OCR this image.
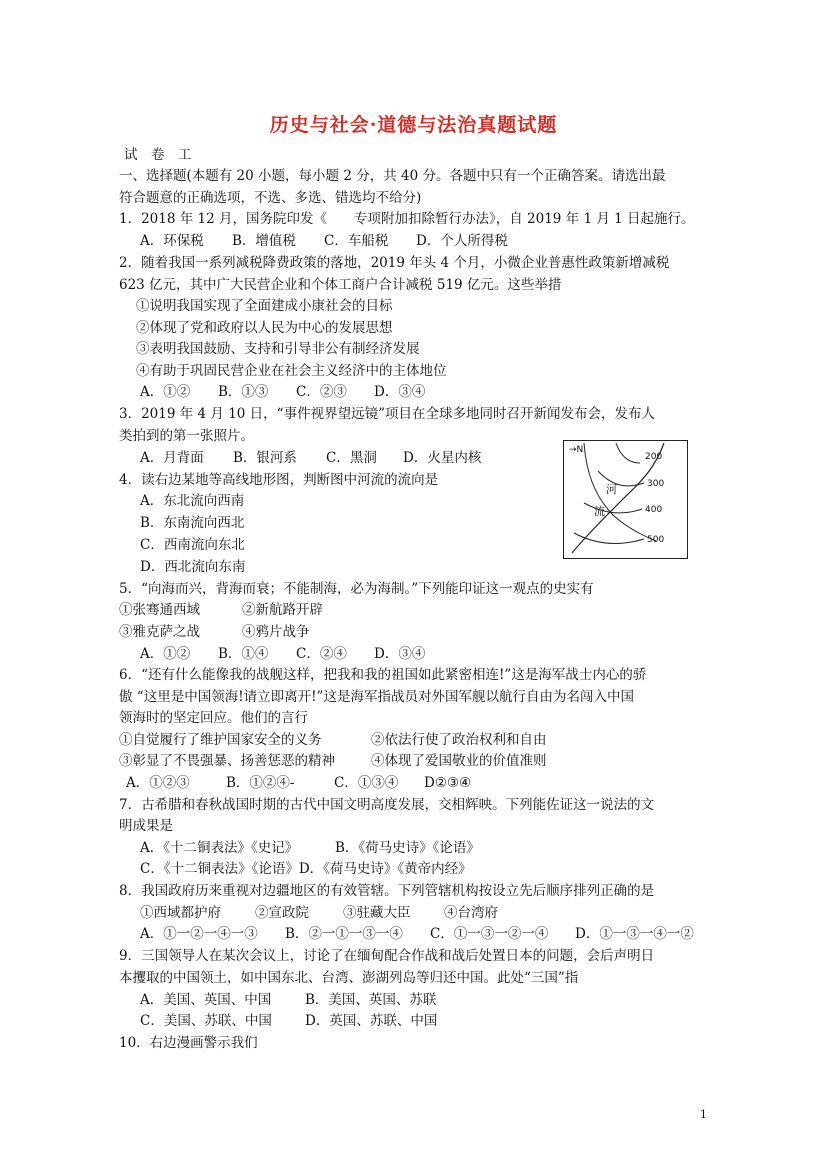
历史与社会·道德与法治真题试题
试　卷　工
一、选择题(本题有 20 小题，每小题 2 分，共 40 分。各题中只有一个正确答案。请选出最
符合题意的正确选项，不选、多选、错选均不给分)
1．2018 年 12 月，国务院印发《　　专项附加扣除暂行办法》，自 2019 年 1 月 1 日起施行。
A．环保税 B．增值税 C．车船税 D．个人所得税
2．随着我国一系列减税降费政策的落地，2019 年头 4 个月，小微企业普惠性政策新增减税
623 亿元，其中广大民营企业和个体工商户合计减税 519 亿元。这些举措
①说明我国实现了全面建成小康社会的目标
②体现了党和政府以人民为中心的发展思想
③表明我国鼓励、支持和引导非公有制经济发展
④有助于巩固民营企业在社会主义经济中的主体地位
A．①② B．①③ C．②③ D．③④
3．2019 年 4 月 10 日，“事件视界望远镜”项目在全球多地同时召开新闻发布会，发布人
类拍到的第一张照片。
A．月背面 B．银河系 C．黑洞 D．火星内核
4．读右边某地等高线地形图，判断图中河流的流向是
A．东北流向西南
B．东南流向西北
C．西南流向东北
D．西北流向东南
→N
200
300
400
500
河
流
5．“向海而兴，背海而衰；不能制海，必为海制。”下列能印证这一观点的史实有
①张骞通西域	②新航路开辟
③雅克萨之战	④鸦片战争
A．①② B．①④ C．②④ D．③④
6．“还有什么能像我的战舰这样，把我和我的祖国如此紧密相连!”这是海军战士内心的骄
傲 “这里是中国领海!请立即离开!”这是海军指战员对外国军舰以航行自由为名闯入中国
领海时的坚定回应。他们的言行
①自觉履行了维护国家安全的义务	②依法行使了政治权利和自由
③彰显了不畏强暴、扬善惩恶的精神	④体现了爱国敬业的价值准则
A．①②③	B．①②④-	C．①③④ D②③④
7．古希腊和春秋战国时期的古代中国文明高度发展，交相辉映。下列能佐证这一说法的文
明成果是
A．《十二铜表法》《史记》	B．《荷马史诗》《论语》
C．《十二铜表法》《论语》D．《荷马史诗》《黄帝内经》
8．我国政府历来重视对边疆地区的有效管辖。下列管辖机构按设立先后顺序排列正确的是
①西域都护府	②宣政院	③驻藏大臣 ④台湾府
A．①一②一④一③ B．②一①一③一④ C．①一③一②一④ D．①一③一④一②
9．三国领导人在某次会议上，讨论了在缅甸配合作战和战后处置日本的问题，会后声明日
本攫取的中国领土，如中国东北、台湾、澎湖列岛等归还中国。此处“三国”指
A．美国、英国、中国	B．美国、英国、苏联
C．美国、苏联、中国 D．英国、苏联、中国
10．右边漫画警示我们
1
